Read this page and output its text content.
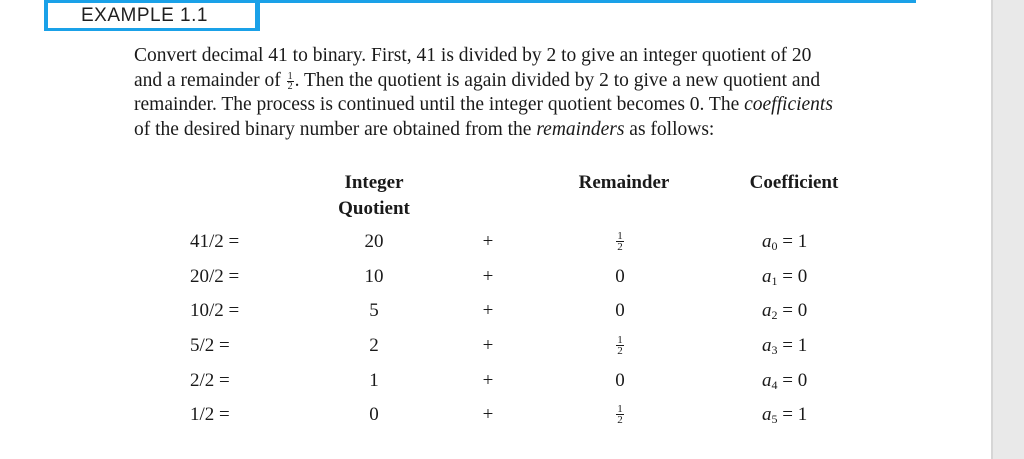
EXAMPLE 1.1
Convert decimal 41 to binary. First, 41 is divided by 2 to give an integer quotient of 20
and a remainder of $\frac{1}{2}$ . Then the quotient is again divided by 2 to give a new quotient and
remainder. The process is continued until the integer quotient becomes 0. The coefficients
of the desired binary number are obtained from the remainders as follows:
Integer
Quotient
Remainder	Coefficient
41/2 =	20	+	$\frac{1}{2}$	$a_0 = 1$
20/2 =	10	+	0	$a_1 = 0$
10/2 =	5	+	0	$a_2 = 0$
5/2 =	2	+	$\frac{1}{2}$	$a_3 = 1$
2/2 =	1	+	0	$a_4 = 0$
1/2 =	0	+	$\frac{1}{2}$	$a_5 = 1$
